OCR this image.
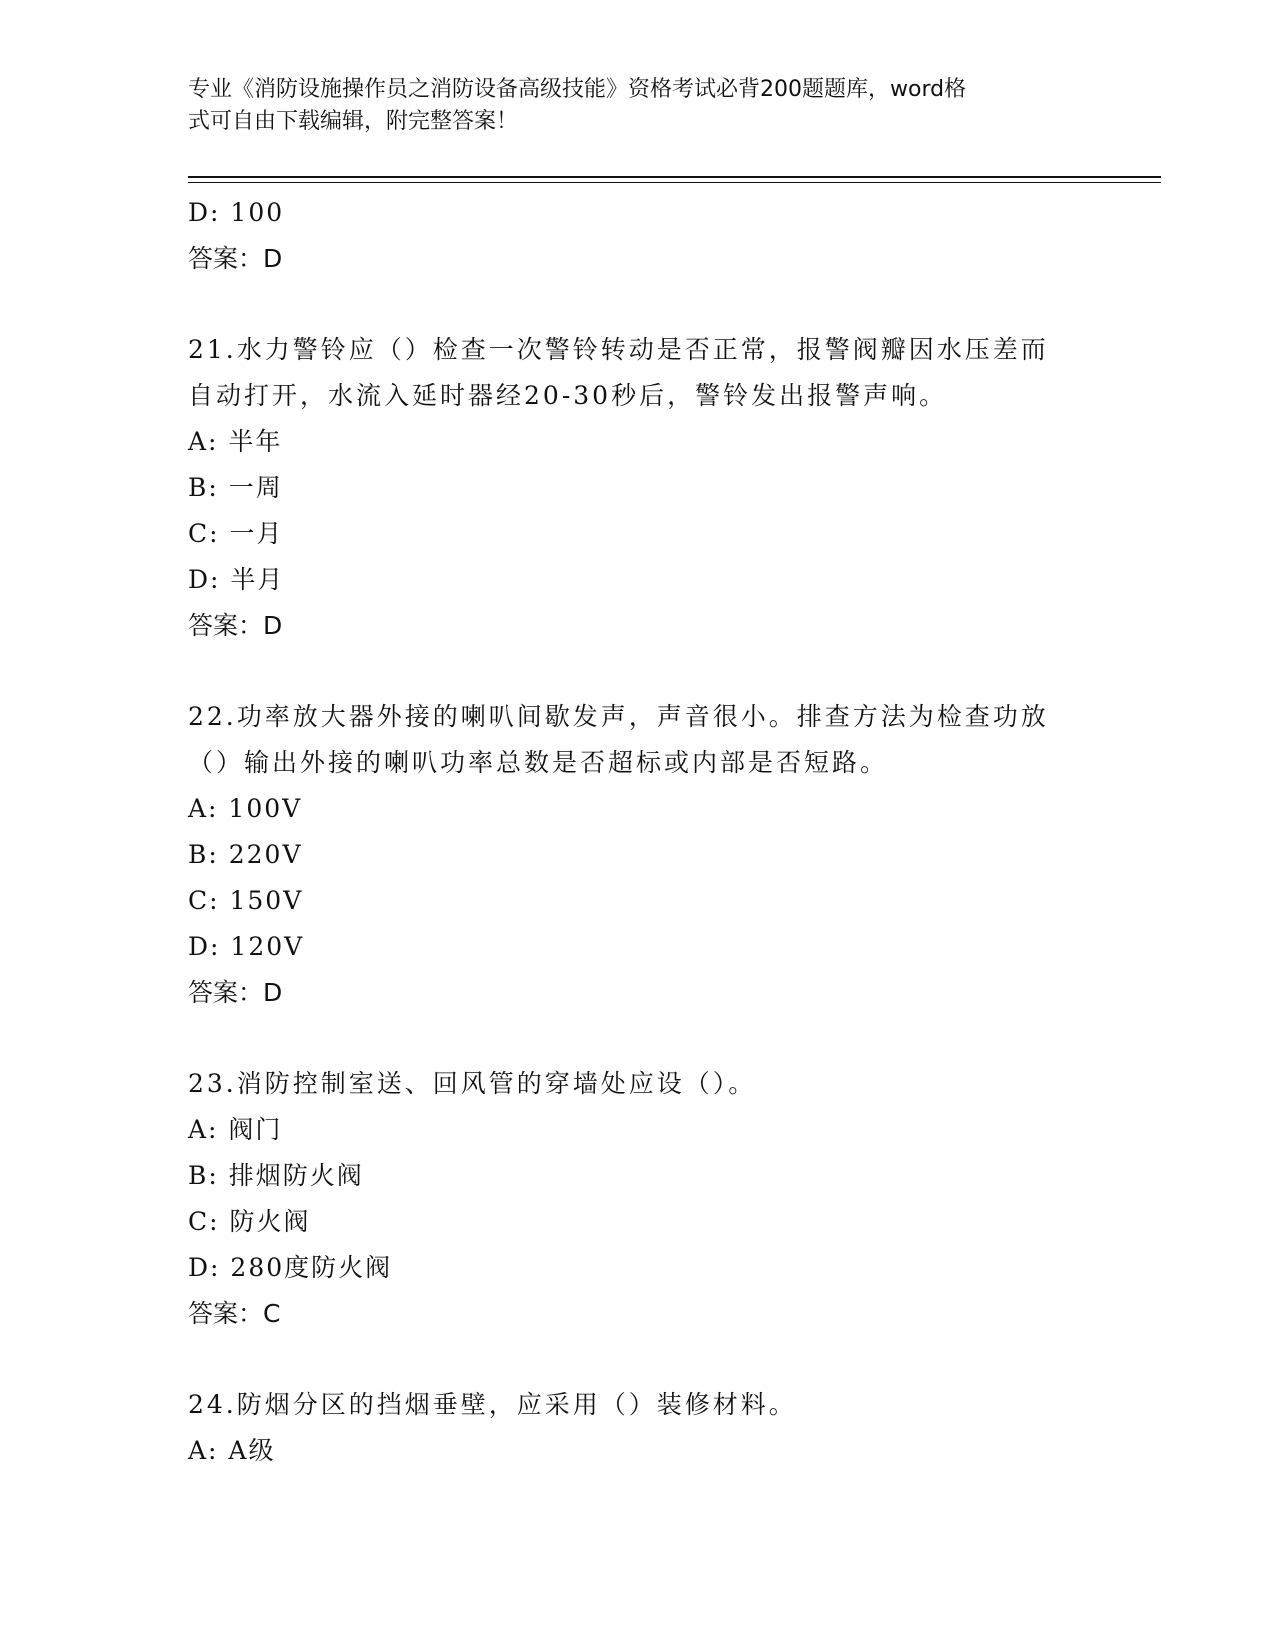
专业《消防设施操作员之消防设备高级技能》资格考试必背200题题库，word格
式可自由下载编辑，附完整答案！
D: 100
答案：D
21.水力警铃应（）检查一次警铃转动是否正常，报警阀瓣因水压差而
自动打开，水流入延时器经20-30秒后，警铃发出报警声响。
A: 半年
B: 一周
C: 一月
D: 半月
答案：D
22.功率放大器外接的喇叭间歇发声，声音很小。排查方法为检查功放
（）输出外接的喇叭功率总数是否超标或内部是否短路。
A: 100V
B: 220V
C: 150V
D: 120V
答案：D
23.消防控制室送、回风管的穿墙处应设（）。
A: 阀门
B: 排烟防火阀
C: 防火阀
D: 280度防火阀
答案：C
24.防烟分区的挡烟垂壁，应采用（）装修材料。
A: A级
